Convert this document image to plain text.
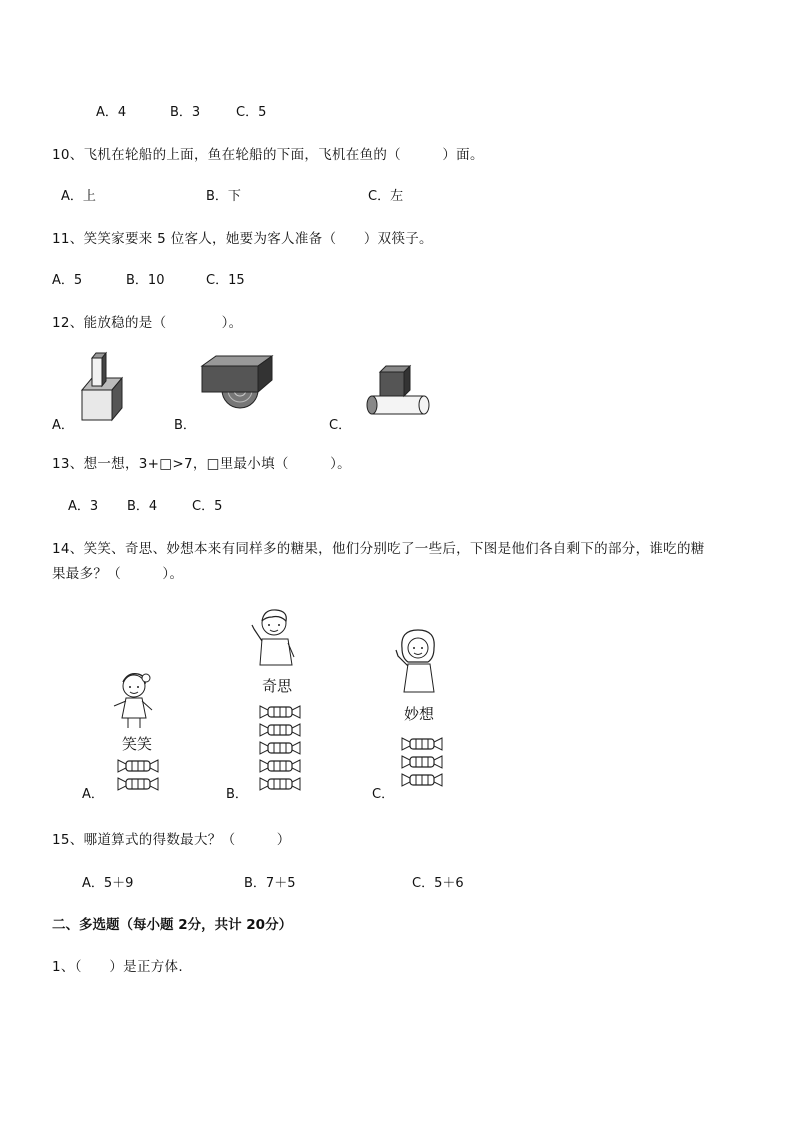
A．4	B．3	C．5
10、飞机在轮船的上面，鱼在轮船的下面，飞机在鱼的（　　　）面。
A．上	B．下	C．左
11、笑笑家要来 5 位客人，她要为客人准备（　　）双筷子。
A．5	B．10	C．15
12、能放稳的是（　　　　）。
A．	B．	C．
13、想一想，3+□>7，□里最小填（　　　）。
A．3 B．4	C．5
14、笑笑、奇思、妙想本来有同样多的糖果，他们分别吃了一些后，下图是他们各自剩下的部分，谁吃的糖
果最多？（　　　）。
笑笑
奇思
妙想
A．	B．	C．
15、哪道算式的得数最大？（　　　）
A．5＋9	B．7＋5	C．5＋6
二、多选题（每小题 2分，共计 20分）
1、（　　）是正方体.
